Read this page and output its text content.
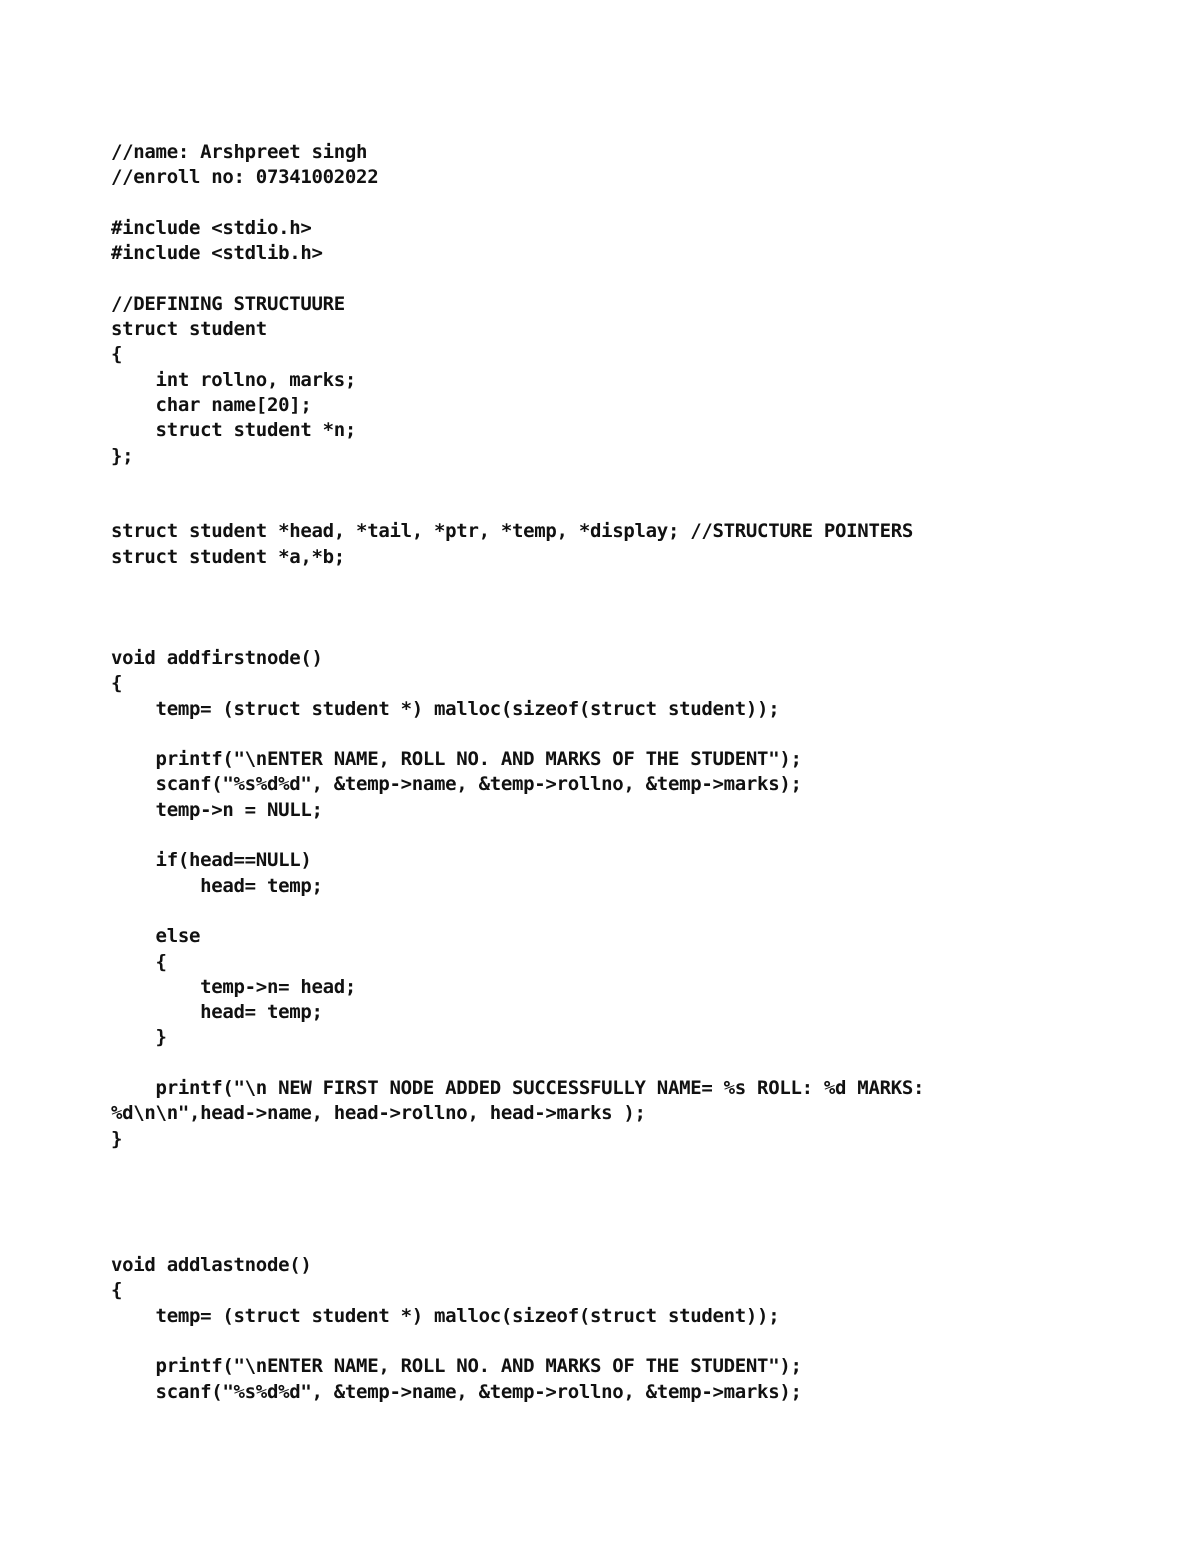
//name: Arshpreet singh
//enroll no: 07341002022
#include <stdio.h>
#include <stdlib.h>
//DEFINING STRUCTUURE
struct student
{
int rollno, marks;
char name[20];
struct student *n;
};
struct student *head, *tail, *ptr, *temp, *display; //STRUCTURE POINTERS
struct student *a,*b;
void addfirstnode()
{
temp= (struct student *) malloc(sizeof(struct student));
printf("\nENTER NAME, ROLL NO. AND MARKS OF THE STUDENT");
scanf("%s%d%d", &temp->name, &temp->rollno, &temp->marks);
temp->n = NULL;
if(head==NULL)
head= temp;
else
{
temp->n= head;
head= temp;
}
printf("\n NEW FIRST NODE ADDED SUCCESSFULLY NAME= %s ROLL: %d MARKS:
%d\n\n",head->name, head->rollno, head->marks );
}
void addlastnode()
{
temp= (struct student *) malloc(sizeof(struct student));
printf("\nENTER NAME, ROLL NO. AND MARKS OF THE STUDENT");
scanf("%s%d%d", &temp->name, &temp->rollno, &temp->marks);
